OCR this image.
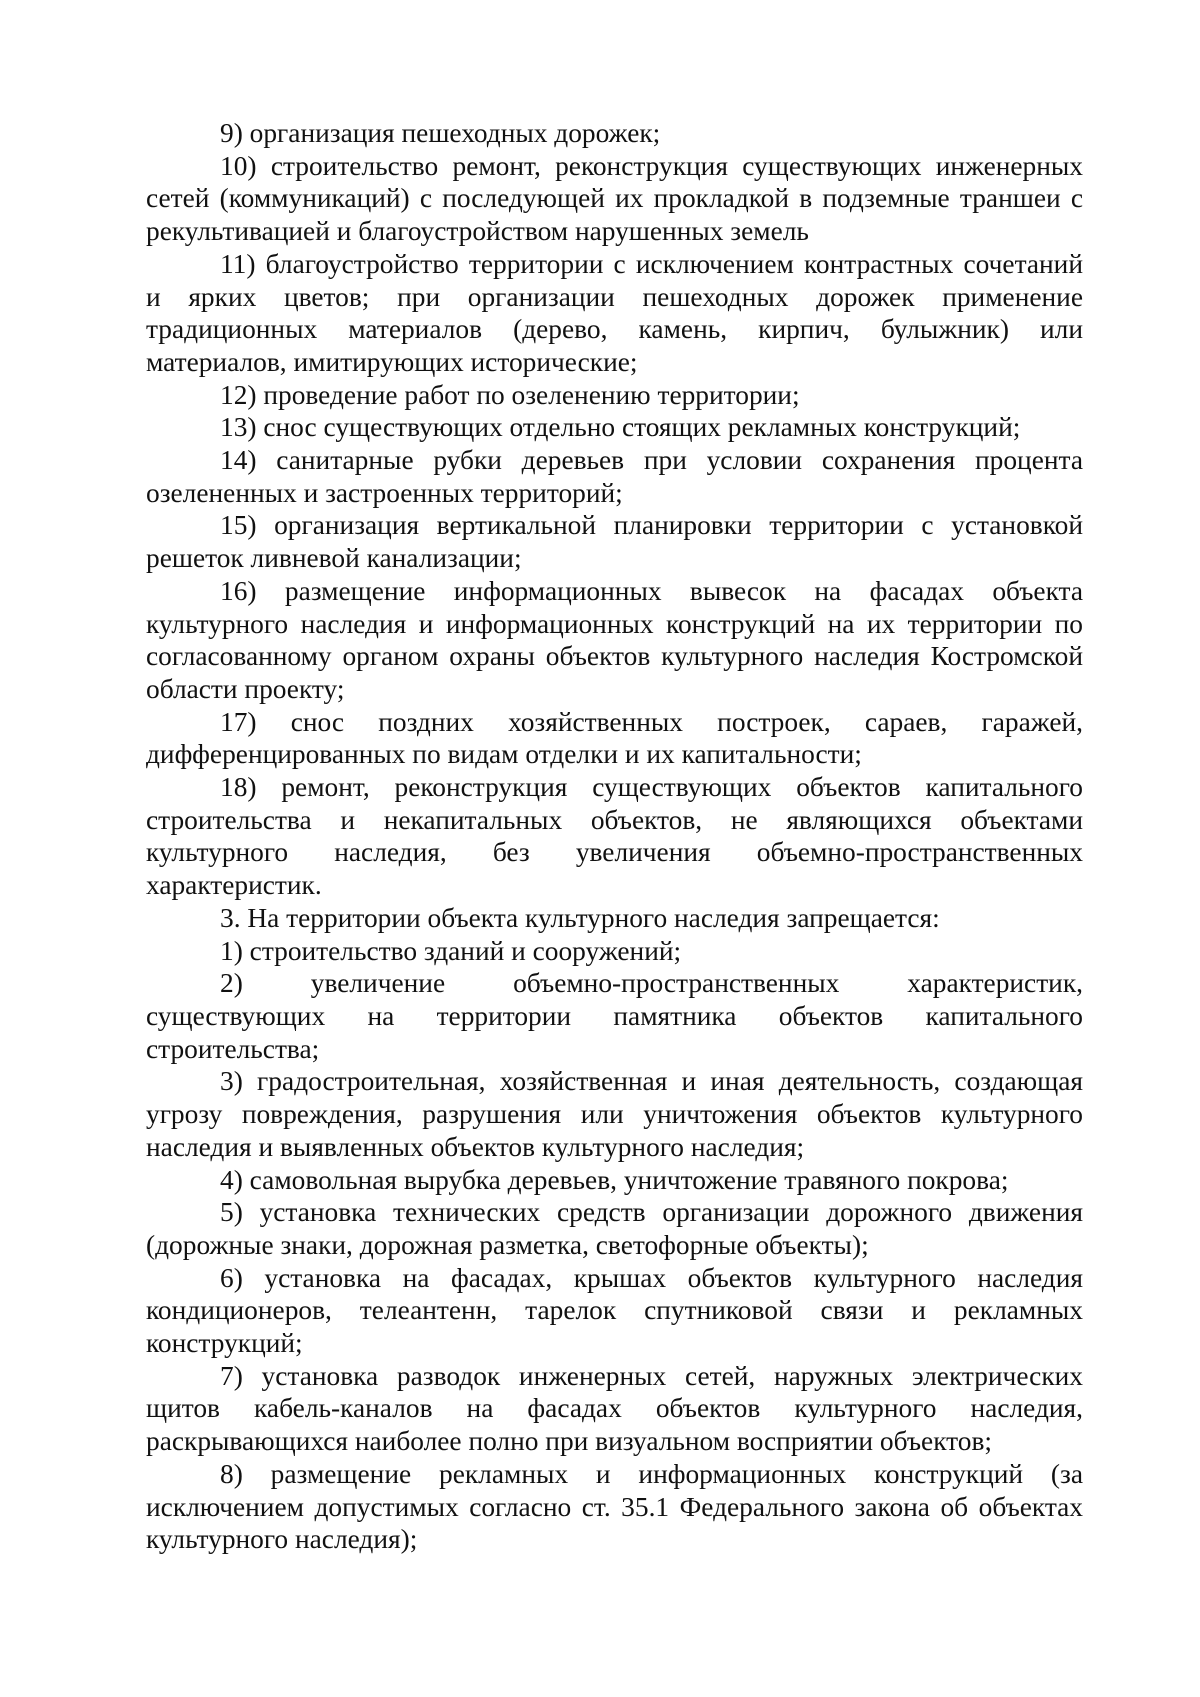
9) организация пешеходных дорожек;

10) строительство ремонт, реконструкция существующих инженерных сетей (коммуникаций) с последующей их прокладкой в подземные траншеи с рекультивацией и благоустройством нарушенных земель

11) благоустройство территории с исключением контрастных сочетаний и ярких цветов; при организации пешеходных дорожек применение традиционных материалов (дерево, камень, кирпич, булыжник) или материалов, имитирующих исторические;

12) проведение работ по озеленению территории;

13) снос существующих отдельно стоящих рекламных конструкций;

14) санитарные рубки деревьев при условии сохранения процента озелененных и застроенных территорий;

15) организация вертикальной планировки территории с установкой решеток ливневой канализации;

16) размещение информационных вывесок на фасадах объекта культурного наследия и информационных конструкций на их территории по согласованному органом охраны объектов культурного наследия Костромской области проекту;

17) снос поздних хозяйственных построек, сараев, гаражей, дифференцированных по видам отделки и их капитальности;

18) ремонт, реконструкция существующих объектов капитального строительства и некапитальных объектов, не являющихся объектами культурного наследия, без увеличения объемно-пространственных характеристик.

3. На территории объекта культурного наследия запрещается:

1) строительство зданий и сооружений;

2) увеличение объемно-пространственных характеристик, существующих на территории памятника объектов капитального строительства;

3) градостроительная, хозяйственная и иная деятельность, создающая угрозу повреждения, разрушения или уничтожения объектов культурного наследия и выявленных объектов культурного наследия;

4) самовольная вырубка деревьев, уничтожение травяного покрова;

5) установка технических средств организации дорожного движения (дорожные знаки, дорожная разметка, светофорные объекты);

6) установка на фасадах, крышах объектов культурного наследия кондиционеров, телеантенн, тарелок спутниковой связи и рекламных конструкций;

7) установка разводок инженерных сетей, наружных электрических щитов кабель-каналов на фасадах объектов культурного наследия, раскрывающихся наиболее полно при визуальном восприятии объектов;

8) размещение рекламных и информационных конструкций (за исключением допустимых согласно ст. 35.1 Федерального закона об объектах культурного наследия);
